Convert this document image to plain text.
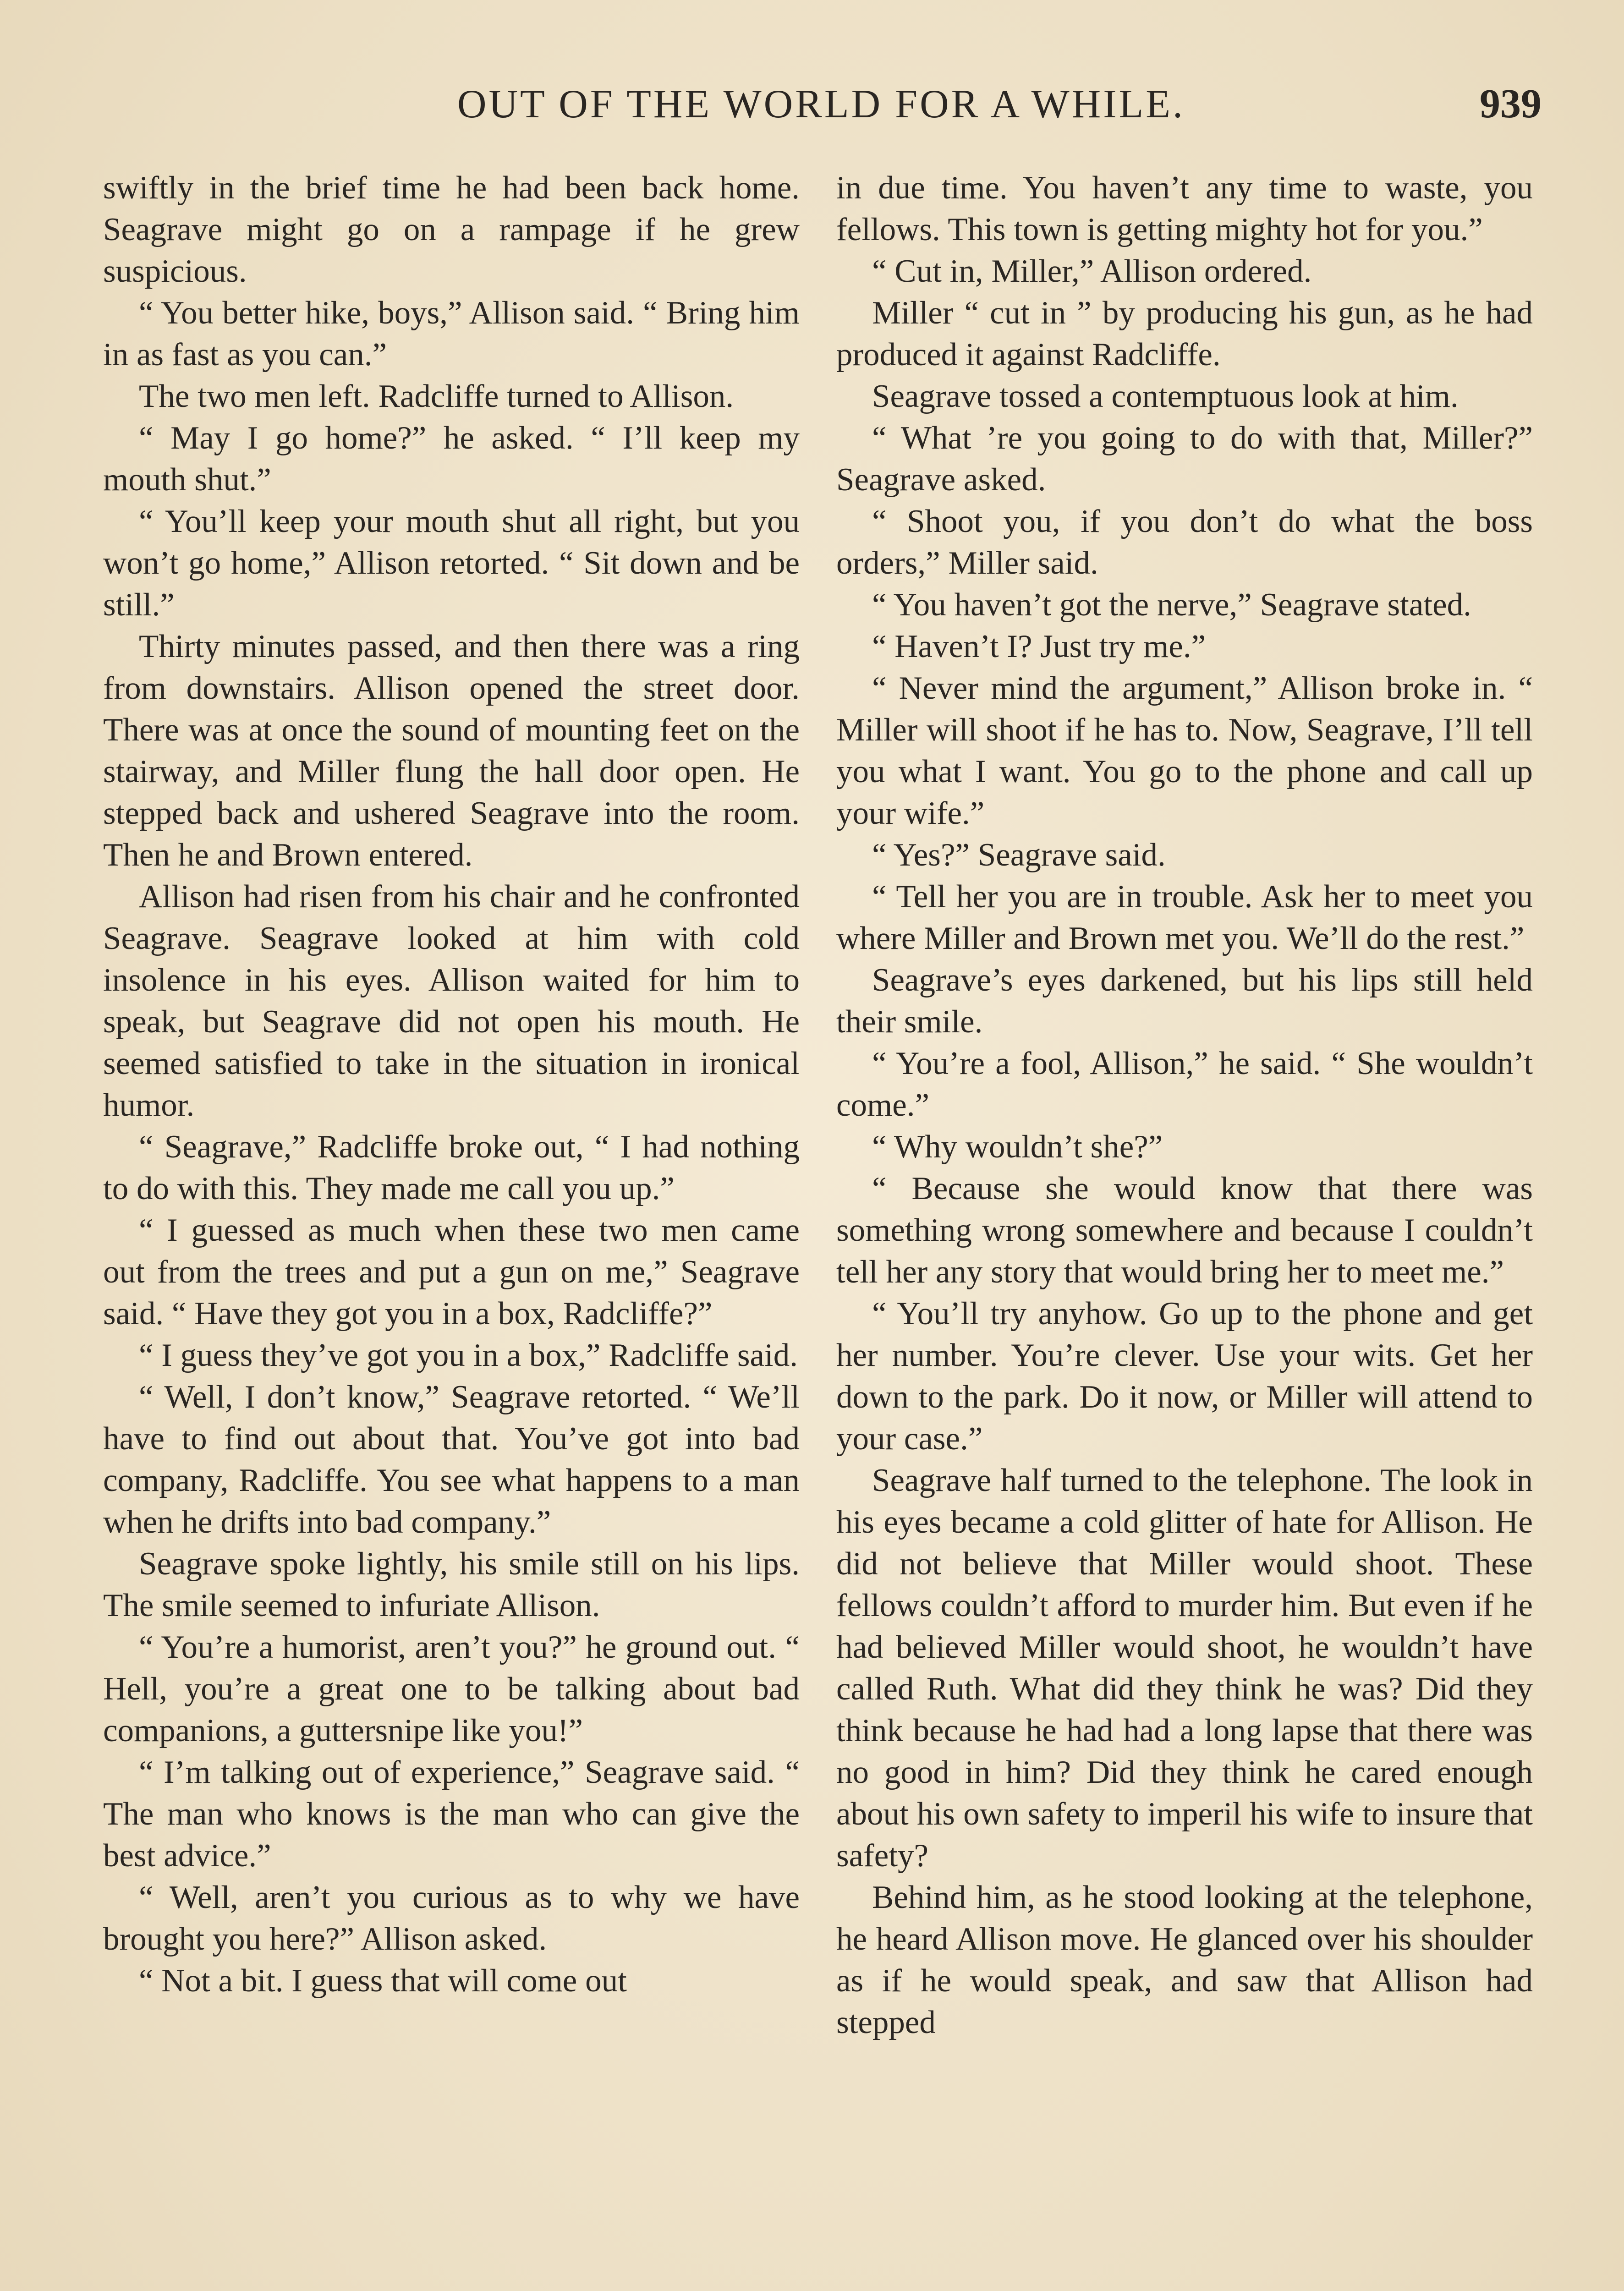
OUT OF THE WORLD FOR A WHILE.	939

swiftly in the brief time he had been back home. Seagrave might go on a rampage if he grew suspicious.

“ You better hike, boys,” Allison said. “ Bring him in as fast as you can.”

The two men left. Radcliffe turned to Allison.

“ May I go home?” he asked. “ I’ll keep my mouth shut.”

“ You’ll keep your mouth shut all right, but you won’t go home,” Allison retorted. “ Sit down and be still.”

Thirty minutes passed, and then there was a ring from downstairs. Allison opened the street door. There was at once the sound of mounting feet on the stairway, and Miller flung the hall door open. He stepped back and ushered Seagrave into the room. Then he and Brown entered.

Allison had risen from his chair and he confronted Seagrave. Seagrave looked at him with cold insolence in his eyes. Allison waited for him to speak, but Seagrave did not open his mouth. He seemed satisfied to take in the situation in ironical humor.

“ Seagrave,” Radcliffe broke out, “ I had nothing to do with this. They made me call you up.”

“ I guessed as much when these two men came out from the trees and put a gun on me,” Seagrave said. “ Have they got you in a box, Radcliffe?”

“ I guess they’ve got you in a box,” Radcliffe said.

“ Well, I don’t know,” Seagrave retorted. “ We’ll have to find out about that. You’ve got into bad company, Radcliffe. You see what happens to a man when he drifts into bad company.”

Seagrave spoke lightly, his smile still on his lips. The smile seemed to infuriate Allison.

“ You’re a humorist, aren’t you?” he ground out. “ Hell, you’re a great one to be talking about bad companions, a guttersnipe like you!”

“ I’m talking out of experience,” Seagrave said. “ The man who knows is the man who can give the best advice.”

“ Well, aren’t you curious as to why we have brought you here?” Allison asked.

“ Not a bit. I guess that will come out

in due time. You haven’t any time to waste, you fellows. This town is getting mighty hot for you.”

“ Cut in, Miller,” Allison ordered.

Miller “ cut in ” by producing his gun, as he had produced it against Radcliffe.

Seagrave tossed a contemptuous look at him.

“ What ’re you going to do with that, Miller?” Seagrave asked.

“ Shoot you, if you don’t do what the boss orders,” Miller said.

“ You haven’t got the nerve,” Seagrave stated.

“ Haven’t I? Just try me.”

“ Never mind the argument,” Allison broke in. “ Miller will shoot if he has to. Now, Seagrave, I’ll tell you what I want. You go to the phone and call up your wife.”

“ Yes?” Seagrave said.

“ Tell her you are in trouble. Ask her to meet you where Miller and Brown met you. We’ll do the rest.”

Seagrave’s eyes darkened, but his lips still held their smile.

“ You’re a fool, Allison,” he said. “ She wouldn’t come.”

“ Why wouldn’t she?”

“ Because she would know that there was something wrong somewhere and because I couldn’t tell her any story that would bring her to meet me.”

“ You’ll try anyhow. Go up to the phone and get her number. You’re clever. Use your wits. Get her down to the park. Do it now, or Miller will attend to your case.”

Seagrave half turned to the telephone. The look in his eyes became a cold glitter of hate for Allison. He did not believe that Miller would shoot. These fellows couldn’t afford to murder him. But even if he had believed Miller would shoot, he wouldn’t have called Ruth. What did they think he was? Did they think because he had had a long lapse that there was no good in him? Did they think he cared enough about his own safety to imperil his wife to insure that safety?

Behind him, as he stood looking at the telephone, he heard Allison move. He glanced over his shoulder as if he would speak, and saw that Allison had stepped
